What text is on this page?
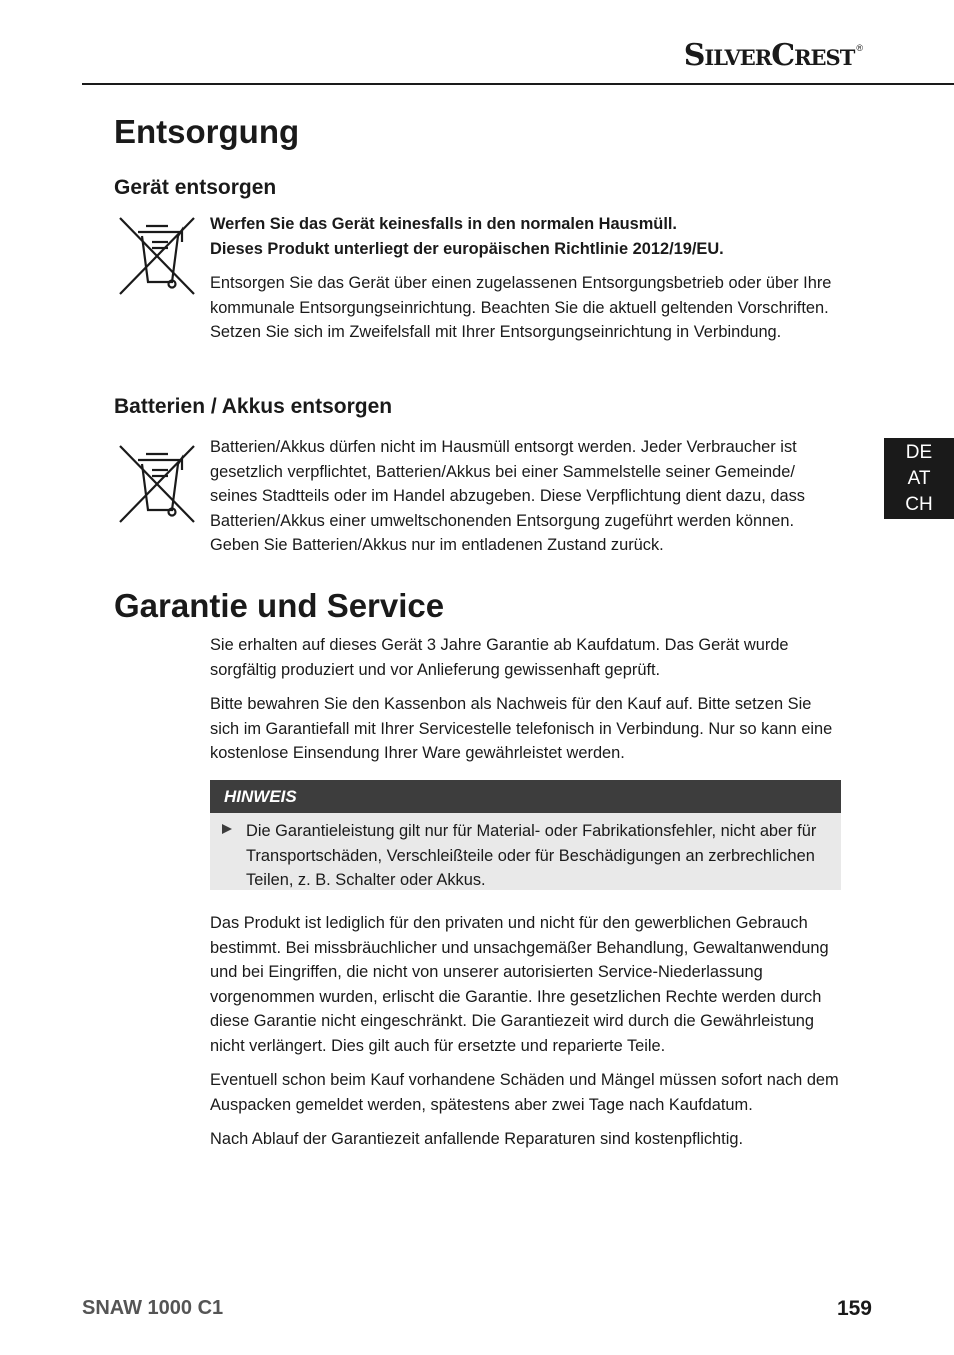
SilverCrest ®
Entsorgung
Gerät entsorgen

Werfen Sie das Gerät keinesfalls in den normalen Hausmüll.

Dieses Produkt unterliegt der europäischen Richtlinie 2012/19/EU.

Entsorgen Sie das Gerät über einen zugelassenen Entsorgungsbetrieb oder über Ihre kommunale Entsorgungseinrichtung. Beachten Sie die aktuell geltenden Vorschriften. Setzen Sie sich im Zweifelsfall mit Ihrer Entsorgungseinrichtung in Verbindung.

Batterien / Akkus entsorgen

Batterien/Akkus dürfen nicht im Hausmüll entsorgt werden. Jeder Verbraucher ist gesetzlich verpflichtet, Batterien/Akkus bei einer Sammelstelle seiner Gemeinde/ seines Stadtteils oder im Handel abzugeben. Diese Verpflichtung dient dazu, dass Batterien/Akkus einer umweltschonenden Entsorgung zugeführt werden können. Geben Sie Batterien/Akkus nur im entladenen Zustand zurück.

DE
AT
CH
Garantie und Service

Sie erhalten auf dieses Gerät 3 Jahre Garantie ab Kaufdatum. Das Gerät wurde sorgfältig produziert und vor Anlieferung gewissenhaft geprüft.

Bitte bewahren Sie den Kassenbon als Nachweis für den Kauf auf. Bitte setzen Sie sich im Garantiefall mit Ihrer Servicestelle telefonisch in Verbindung. Nur so kann eine kostenlose Einsendung Ihrer Ware gewährleistet werden.

HINWEIS
Die Garantieleistung gilt nur für Material- oder Fabrikationsfehler, nicht aber für Transportschäden, Verschleißteile oder für Beschädigungen an zerbrechlichen Teilen, z. B. Schalter oder Akkus.

Das Produkt ist lediglich für den privaten und nicht für den gewerblichen Gebrauch bestimmt. Bei missbräuchlicher und unsachgemäßer Behandlung, Gewaltanwendung und bei Eingriffen, die nicht von unserer autorisierten Service-Niederlassung vorgenommen wurden, erlischt die Garantie. Ihre gesetzlichen Rechte werden durch diese Garantie nicht eingeschränkt. Die Garantiezeit wird durch die Gewährleistung nicht verlängert. Dies gilt auch für ersetzte und reparierte Teile.

Eventuell schon beim Kauf vorhandene Schäden und Mängel müssen sofort nach dem Auspacken gemeldet werden, spätestens aber zwei Tage nach Kaufdatum.

Nach Ablauf der Garantiezeit anfallende Reparaturen sind kostenpflichtig.

SNAW 1000 C1	159
